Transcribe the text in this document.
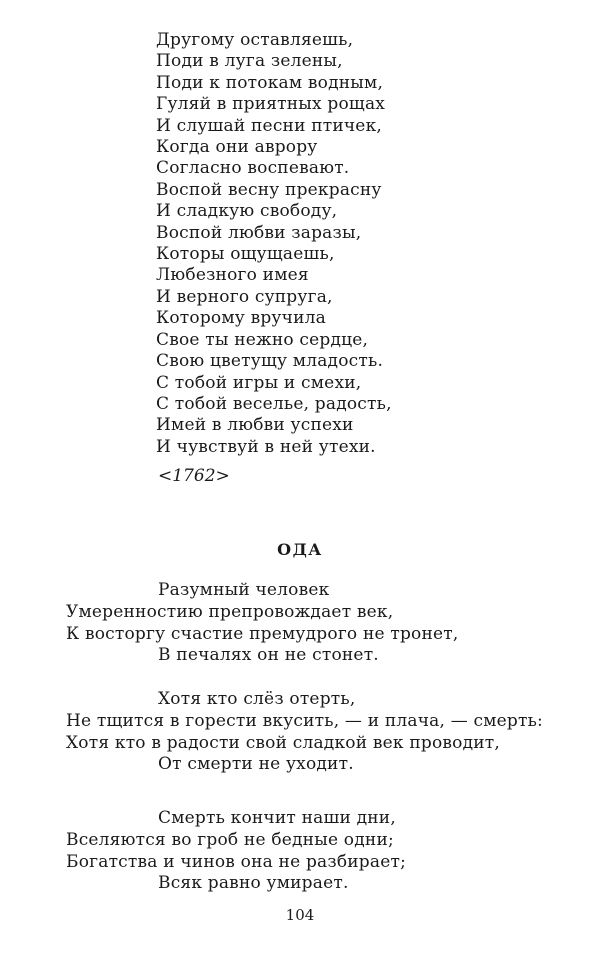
Другому оставляешь,
Поди в луга зелены,
Поди к потокам водным,
Гуляй в приятных рощах
И слушай песни птичек,
Когда они аврору
Согласно воспевают.
Воспой весну прекрасну
И сладкую свободу,
Воспой любви заразы,
Которы ощущаешь,
Любезного имея
И верного супруга,
Которому вручила
Свое ты нежно сердце,
Свою цветущу младость.
С тобой игры и смехи,
С тобой веселье, радость,
Имей в любви успехи
И чувствуй в ней утехи.
<1762>
ОДА
Разумный человек
Умеренностию препровождает век,
К восторгу счастие премудрого не тронет,
В печалях он не стонет.
Хотя кто слёз отерть,
Не тщится в горести вкусить, — и плача, — смерть:
Хотя кто в радости свой сладкой век проводит,
От смерти не уходит.
Смерть кончит наши дни,
Вселяются во гроб не бедные одни;
Богатства и чинов она не разбирает;
Всяк равно умирает.
104
